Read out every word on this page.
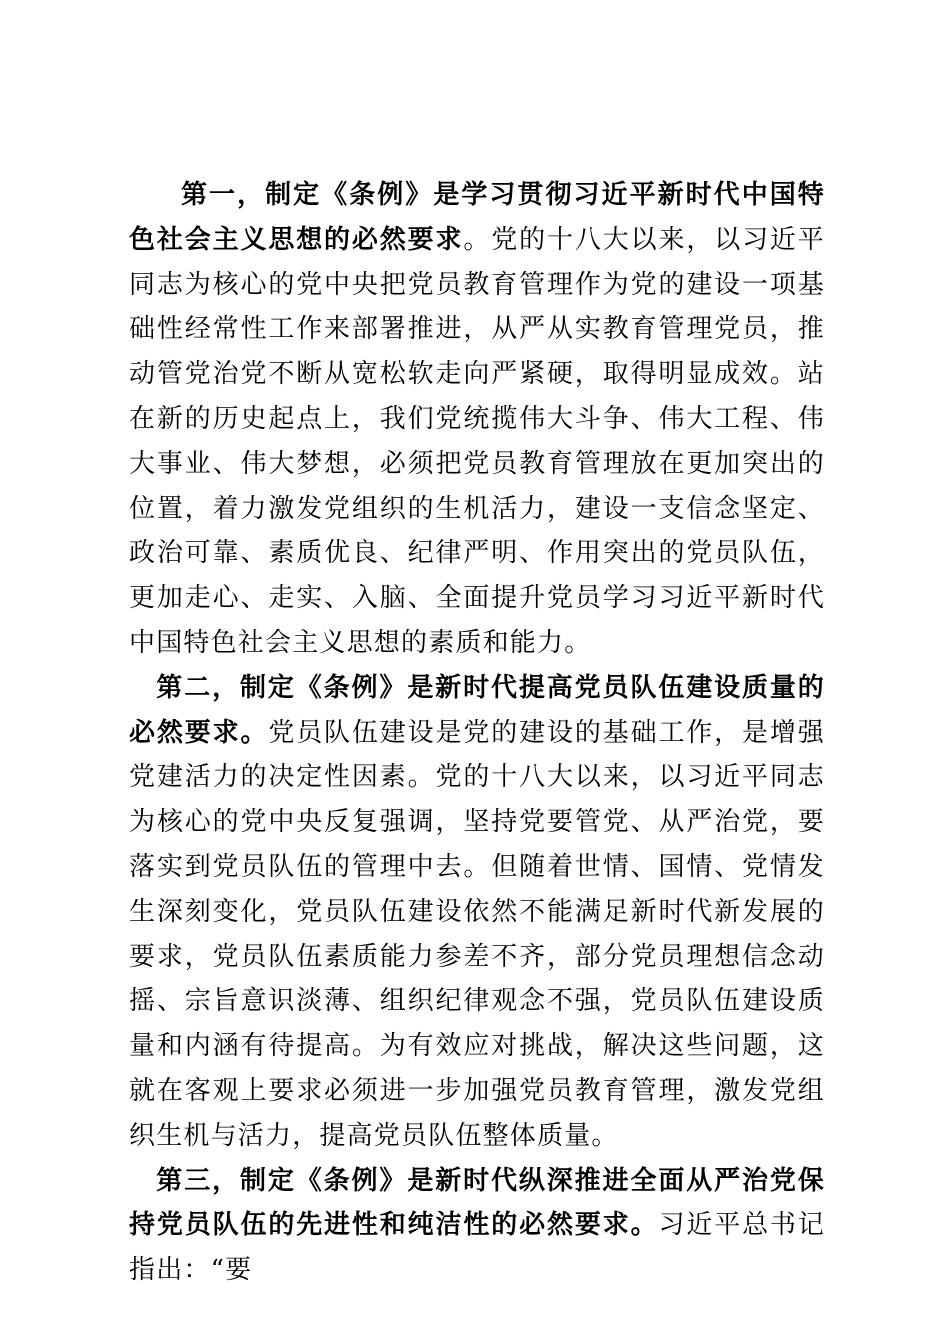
第一，制定《条例》是学习贯彻习近平新时代中国特色社会主义思想的必然要求。党的十八大以来，以习近平同志为核心的党中央把党员教育管理作为党的建设一项基础性经常性工作来部署推进，从严从实教育管理党员，推动管党治党不断从宽松软走向严紧硬，取得明显成效。站在新的历史起点上，我们党统揽伟大斗争、伟大工程、伟大事业、伟大梦想，必须把党员教育管理放在更加突出的位置，着力激发党组织的生机活力，建设一支信念坚定、政治可靠、素质优良、纪律严明、作用突出的党员队伍，更加走心、走实、入脑、全面提升党员学习习近平新时代中国特色社会主义思想的素质和能力。

第二，制定《条例》是新时代提高党员队伍建设质量的必然要求。党员队伍建设是党的建设的基础工作，是增强党建活力的决定性因素。党的十八大以来，以习近平同志为核心的党中央反复强调，坚持党要管党、从严治党，要落实到党员队伍的管理中去。但随着世情、国情、党情发生深刻变化，党员队伍建设依然不能满足新时代新发展的要求，党员队伍素质能力参差不齐，部分党员理想信念动摇、宗旨意识淡薄、组织纪律观念不强，党员队伍建设质量和内涵有待提高。为有效应对挑战，解决这些问题，这就在客观上要求必须进一步加强党员教育管理，激发党组织生机与活力，提高党员队伍整体质量。

第三，制定《条例》是新时代纵深推进全面从严治党保持党员队伍的先进性和纯洁性的必然要求。习近平总书记指出：“要
